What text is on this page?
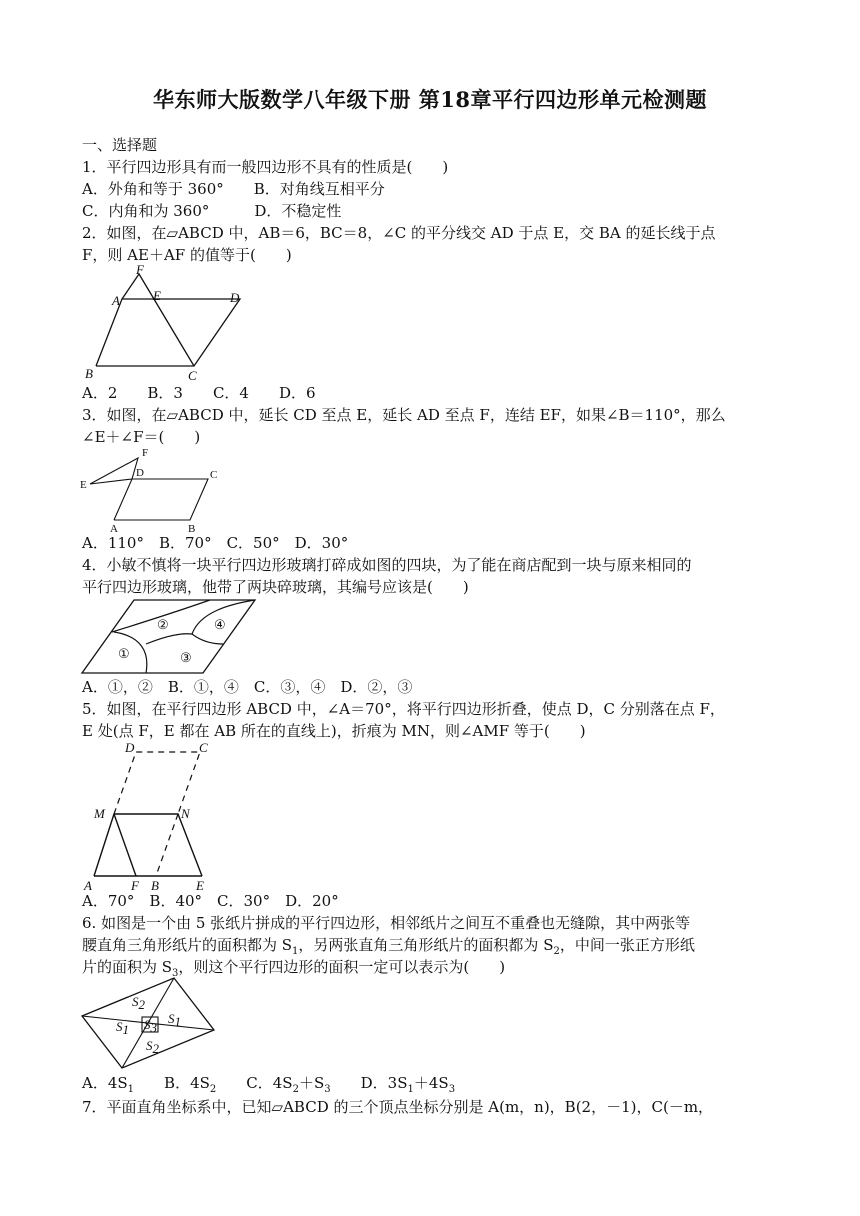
华东师大版数学八年级下册 第18章平行四边形单元检测题
一、选择题
1．平行四边形具有而一般四边形不具有的性质是(　　)
A．外角和等于 360°　　B．对角线互相平分
C．内角和为 360°　　　D．不稳定性
2．如图，在▱ABCD 中，AB＝6，BC＝8，∠C 的平分线交 AD 于点 E，交 BA 的延长线于点
F，则 AE＋AF 的值等于(　　)
F
A	E	D
B	C
A．2　　B．3　　C．4　　D．6
3．如图，在▱ABCD 中，延长 CD 至点 E，延长 AD 至点 F，连结 EF，如果∠B＝110°，那么
∠E＋∠F＝(　　)
F
D	C
E
A	B
A．110°　B．70°　C．50°　D．30°
4．小敏不慎将一块平行四边形玻璃打碎成如图的四块，为了能在商店配到一块与原来相同的
平行四边形玻璃，他带了两块碎玻璃，其编号应该是(　　)
①
②
③
④
A．①，②　B．①，④　C．③，④　D．②，③
5．如图，在平行四边形 ABCD 中，∠A＝70°，将平行四边形折叠，使点 D，C 分别落在点 F，
E 处(点 F，E 都在 AB 所在的直线上)，折痕为 MN，则∠AMF 等于(　　)
D	C
M	N
A	F B	E
A．70°　B．40°　C．30°　D．20°
6. 如图是一个由 5 张纸片拼成的平行四边形，相邻纸片之间互不重叠也无缝隙，其中两张等
腰直角三角形纸片的面积都为 $S_1$，另两张直角三角形纸片的面积都为 $S_2$，中间一张正方形纸
片的面积为 $S_3$，则这个平行四边形的面积一定可以表示为(　　)
S2
S1 S3
S1
S2
A．$4S_1$　　 B．$4S_2$　　 C．$4S_2+S_3$　　 D．$3S_1+4S_3$
7．平面直角坐标系中，已知▱ABCD 的三个顶点坐标分别是 A(m，n)，B(2，－1)，C(－m，
